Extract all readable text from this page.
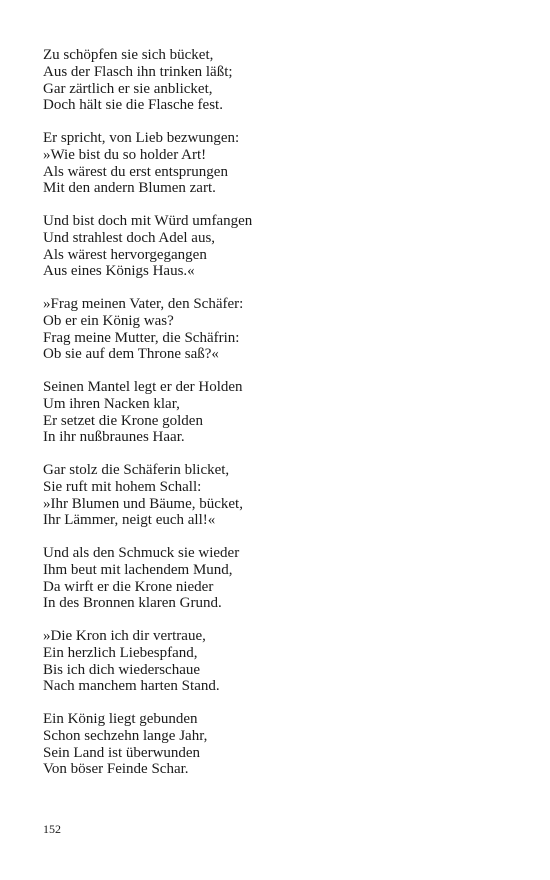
Zu schöpfen sie sich bücket,
Aus der Flasch ihn trinken läßt;
Gar zärtlich er sie anblicket,
Doch hält sie die Flasche fest.
Er spricht, von Lieb bezwungen:
»Wie bist du so holder Art!
Als wärest du erst entsprungen
Mit den andern Blumen zart.
Und bist doch mit Würd umfangen
Und strahlest doch Adel aus,
Als wärest hervorgegangen
Aus eines Königs Haus.«
»Frag meinen Vater, den Schäfer:
Ob er ein König was?
Frag meine Mutter, die Schäfrin:
Ob sie auf dem Throne saß?«
Seinen Mantel legt er der Holden
Um ihren Nacken klar,
Er setzet die Krone golden
In ihr nußbraunes Haar.
Gar stolz die Schäferin blicket,
Sie ruft mit hohem Schall:
»Ihr Blumen und Bäume, bücket,
Ihr Lämmer, neigt euch all!«
Und als den Schmuck sie wieder
Ihm beut mit lachendem Mund,
Da wirft er die Krone nieder
In des Bronnen klaren Grund.
»Die Kron ich dir vertraue,
Ein herzlich Liebespfand,
Bis ich dich wiederschaue
Nach manchem harten Stand.
Ein König liegt gebunden
Schon sechzehn lange Jahr,
Sein Land ist überwunden
Von böser Feinde Schar.
152
